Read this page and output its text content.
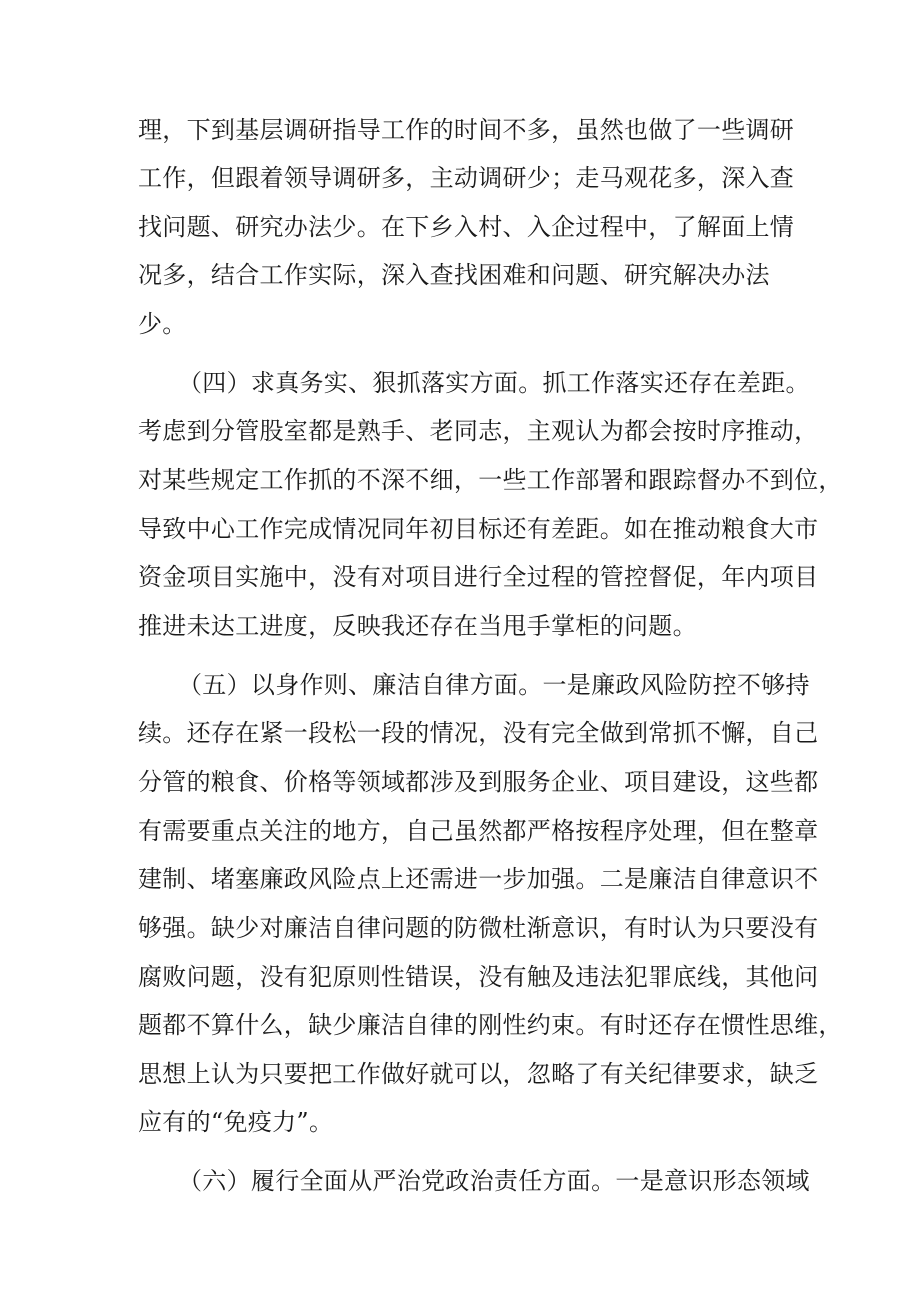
理，下到基层调研指导工作的时间不多，虽然也做了一些调研
工作，但跟着领导调研多，主动调研少；走马观花多，深入查
找问题、研究办法少。在下乡入村、入企过程中，了解面上情
况多，结合工作实际，深入查找困难和问题、研究解决办法
少。
（四）求真务实、狠抓落实方面。抓工作落实还存在差距。
考虑到分管股室都是熟手、老同志，主观认为都会按时序推动，
对某些规定工作抓的不深不细，一些工作部署和跟踪督办不到位，
导致中心工作完成情况同年初目标还有差距。如在推动粮食大市
资金项目实施中，没有对项目进行全过程的管控督促，年内项目
推进未达工进度，反映我还存在当甩手掌柜的问题。
（五）以身作则、廉洁自律方面。一是廉政风险防控不够持
续。还存在紧一段松一段的情况，没有完全做到常抓不懈，自己
分管的粮食、价格等领域都涉及到服务企业、项目建设，这些都
有需要重点关注的地方，自己虽然都严格按程序处理，但在整章
建制、堵塞廉政风险点上还需进一步加强。二是廉洁自律意识不
够强。缺少对廉洁自律问题的防微杜渐意识，有时认为只要没有
腐败问题，没有犯原则性错误，没有触及违法犯罪底线，其他问
题都不算什么，缺少廉洁自律的刚性约束。有时还存在惯性思维，
思想上认为只要把工作做好就可以，忽略了有关纪律要求，缺乏
应有的“免疫力”。
（六）履行全面从严治党政治责任方面。一是意识形态领域
